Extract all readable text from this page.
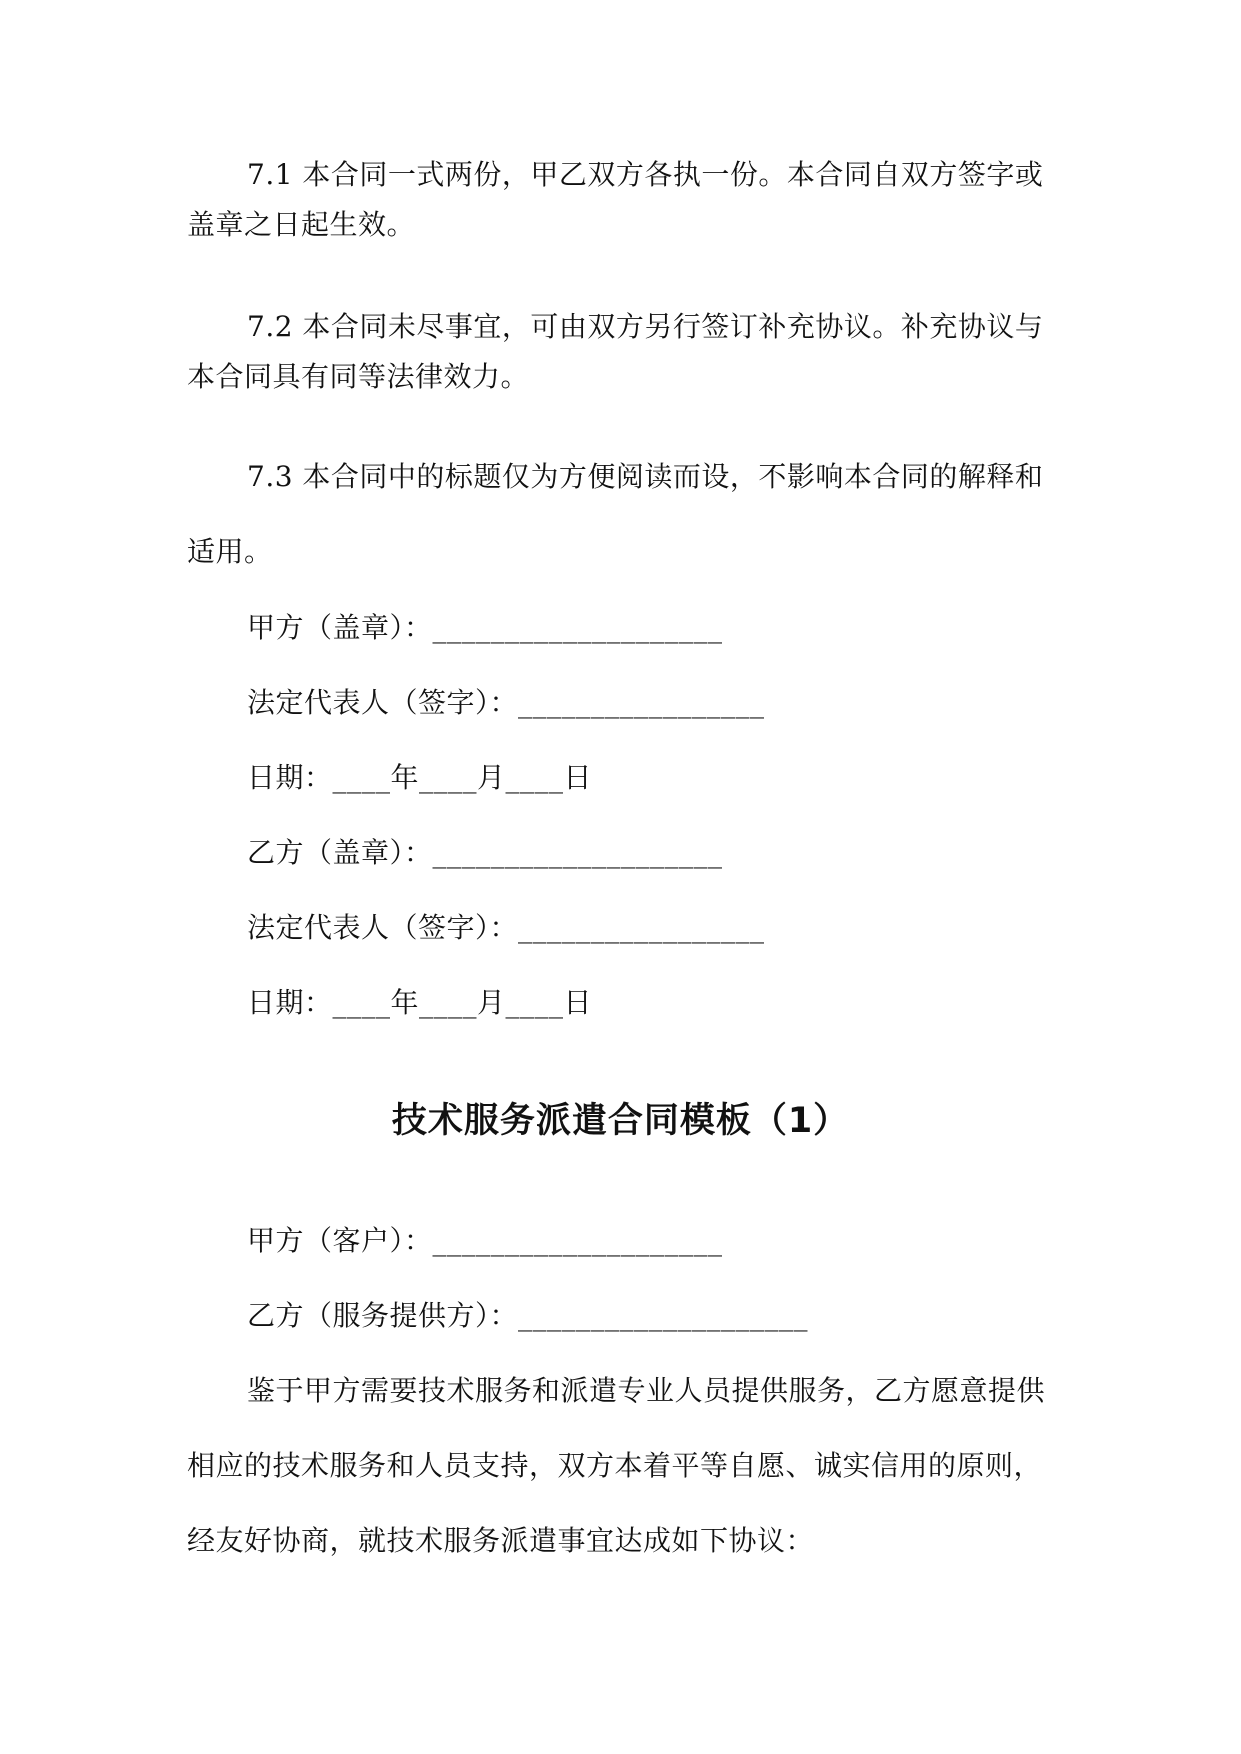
7.1 本合同一式两份，甲乙双方各执一份。本合同自双方签字或

盖章之日起生效。

7.2 本合同未尽事宜，可由双方另行签订补充协议。补充协议与

本合同具有同等法律效力。

7.3 本合同中的标题仅为方便阅读而设，不影响本合同的解释和

适用。

甲方（盖章）：____________________

法定代表人（签字）：_________________

日期：____年____月____日

乙方（盖章）：____________________

法定代表人（签字）：_________________

日期：____年____月____日

技术服务派遣合同模板（1）

甲方（客户）：____________________

乙方（服务提供方）：____________________

鉴于甲方需要技术服务和派遣专业人员提供服务，乙方愿意提供

相应的技术服务和人员支持，双方本着平等自愿、诚实信用的原则，

经友好协商，就技术服务派遣事宜达成如下协议：
